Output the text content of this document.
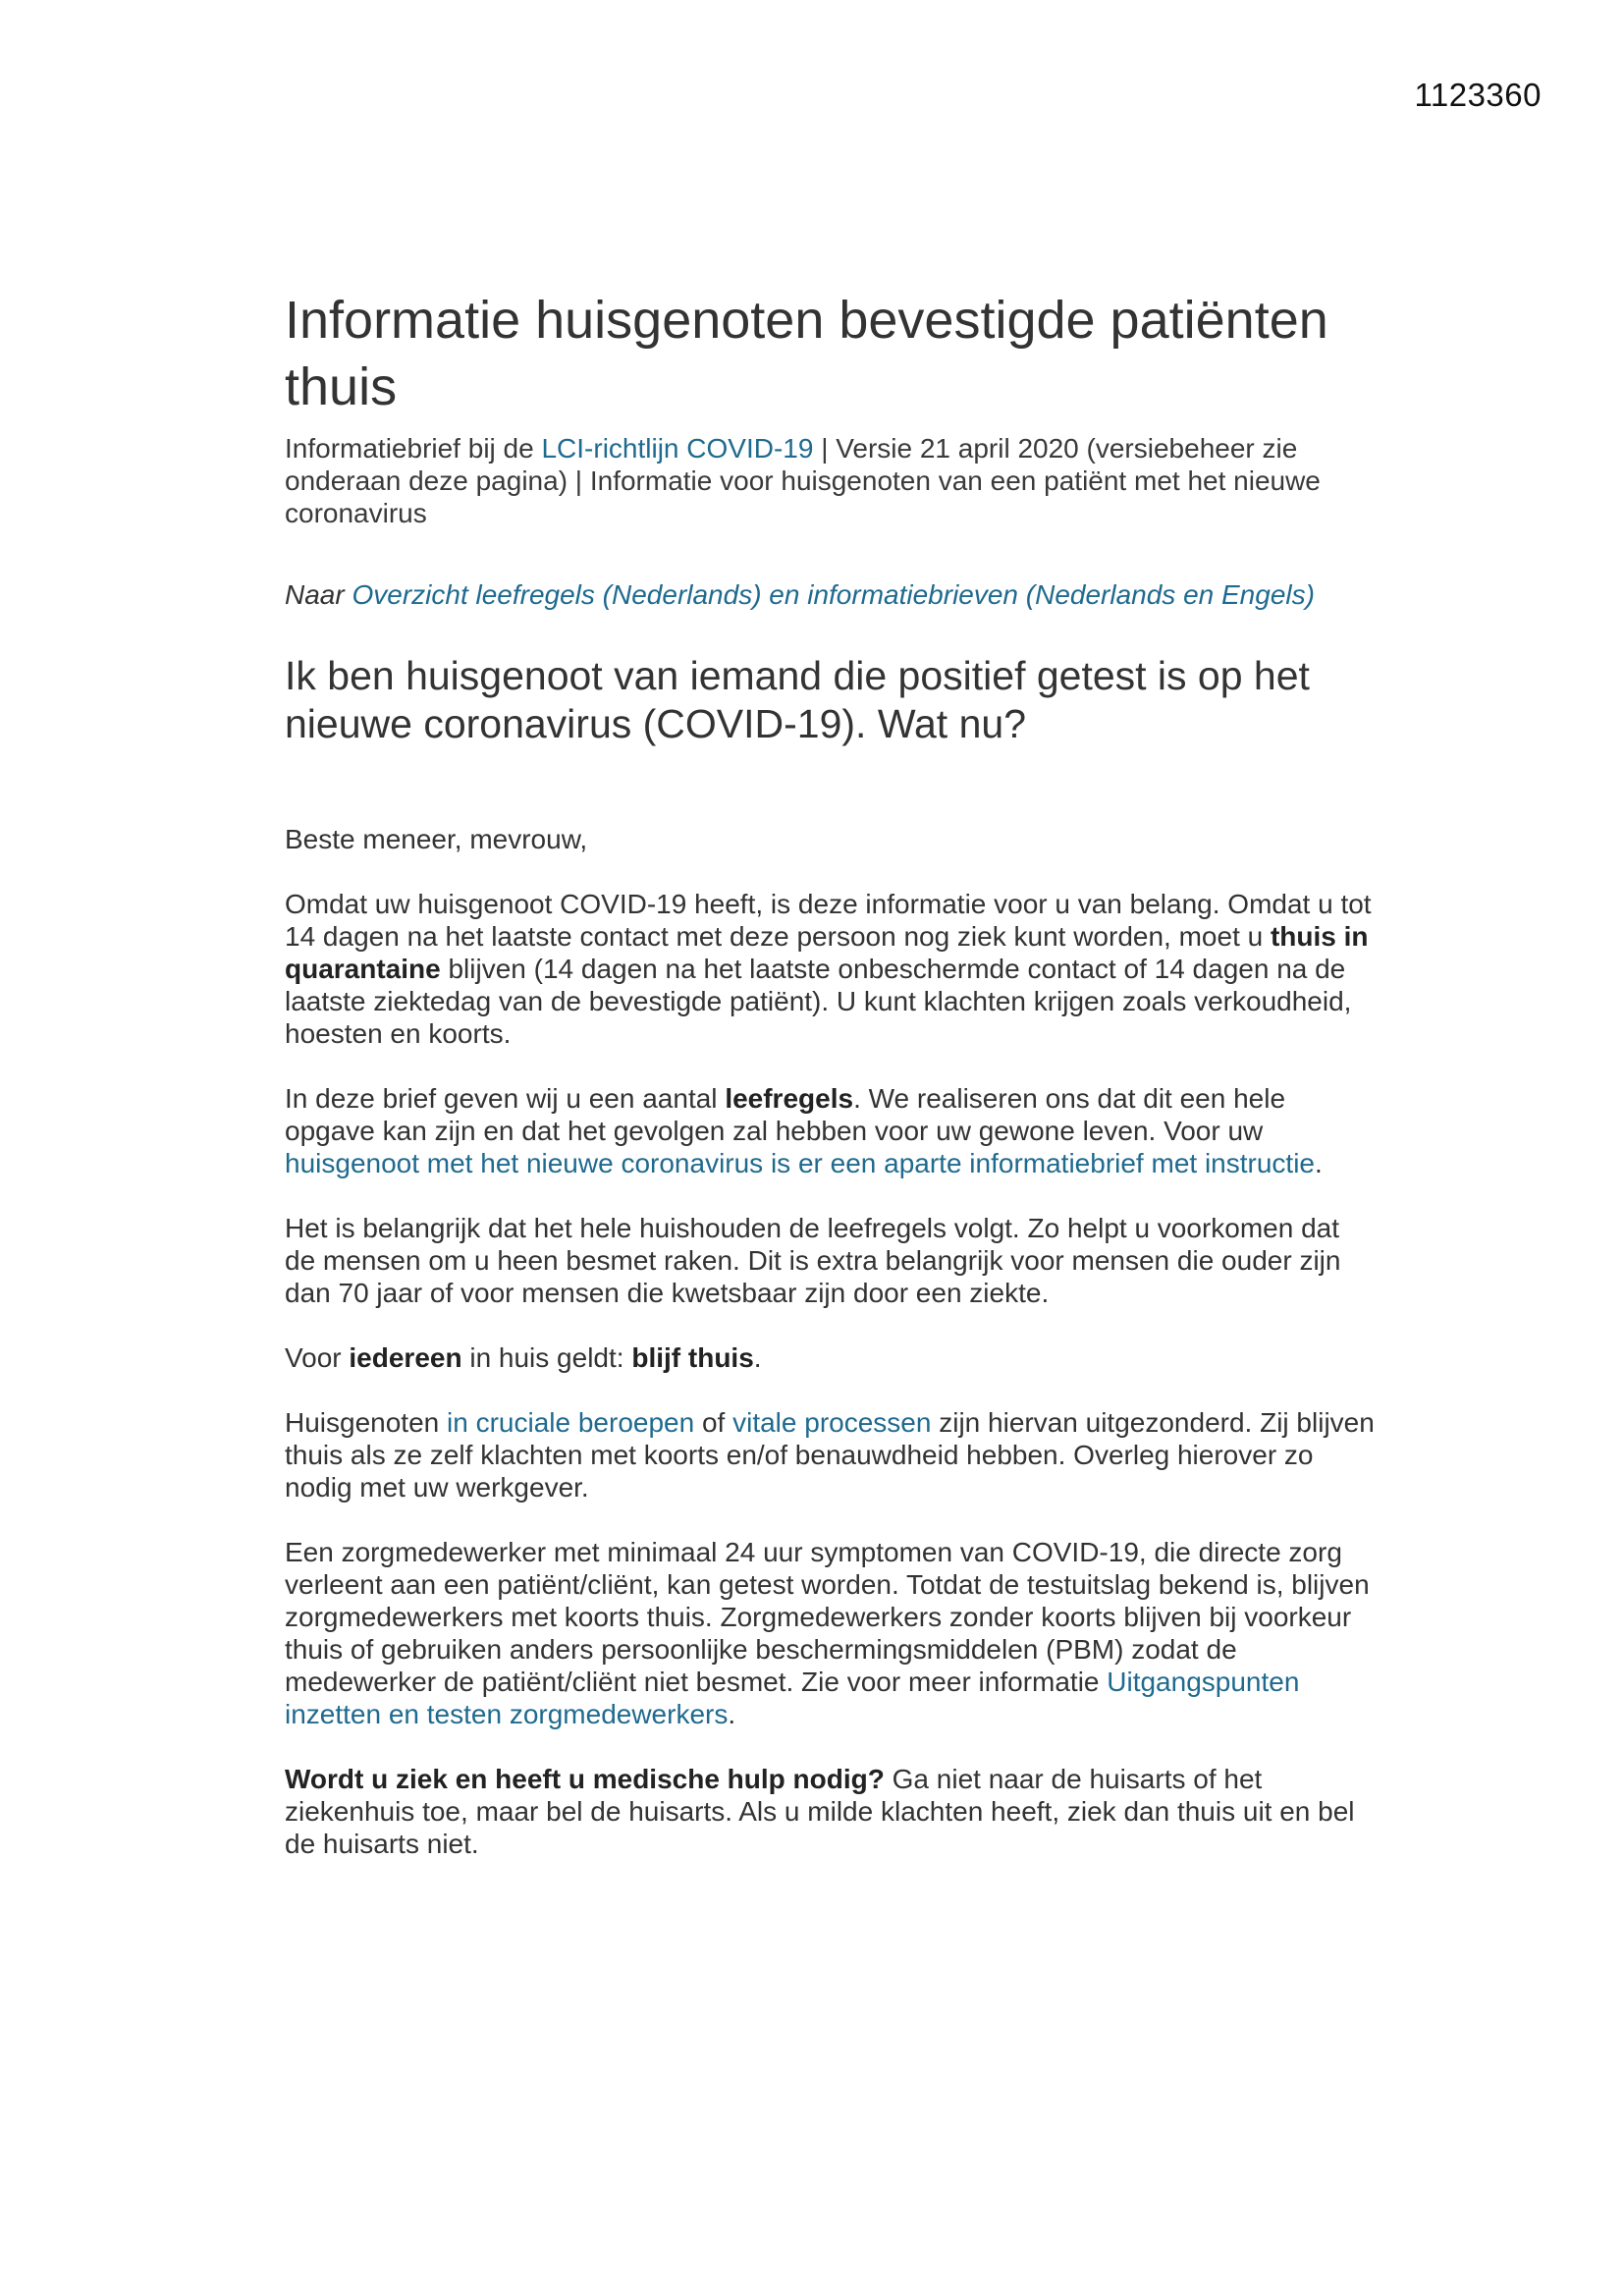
1123360
Informatie huisgenoten bevestigde patiënten thuis

Informatiebrief bij de LCI-richtlijn COVID-19 | Versie 21 april 2020 (versiebeheer zie onderaan deze pagina) | Informatie voor huisgenoten van een patiënt met het nieuwe coronavirus

Naar Overzicht leefregels (Nederlands) en informatiebrieven (Nederlands en Engels)

Ik ben huisgenoot van iemand die positief getest is op het nieuwe coronavirus (COVID-19). Wat nu?

Beste meneer, mevrouw,

Omdat uw huisgenoot COVID-19 heeft, is deze informatie voor u van belang. Omdat u tot 14 dagen na het laatste contact met deze persoon nog ziek kunt worden, moet u thuis in quarantaine blijven (14 dagen na het laatste onbeschermde contact of 14 dagen na de laatste ziektedag van de bevestigde patiënt). U kunt klachten krijgen zoals verkoudheid, hoesten en koorts.

In deze brief geven wij u een aantal leefregels. We realiseren ons dat dit een hele opgave kan zijn en dat het gevolgen zal hebben voor uw gewone leven. Voor uw huisgenoot met het nieuwe coronavirus is er een aparte informatiebrief met instructie.

Het is belangrijk dat het hele huishouden de leefregels volgt. Zo helpt u voorkomen dat de mensen om u heen besmet raken. Dit is extra belangrijk voor mensen die ouder zijn dan 70 jaar of voor mensen die kwetsbaar zijn door een ziekte.

Voor iedereen in huis geldt: blijf thuis.

Huisgenoten in cruciale beroepen of vitale processen zijn hiervan uitgezonderd. Zij blijven thuis als ze zelf klachten met koorts en/of benauwdheid hebben. Overleg hierover zo nodig met uw werkgever.

Een zorgmedewerker met minimaal 24 uur symptomen van COVID-19, die directe zorg verleent aan een patiënt/cliënt, kan getest worden. Totdat de testuitslag bekend is, blijven zorgmedewerkers met koorts thuis. Zorgmedewerkers zonder koorts blijven bij voorkeur thuis of gebruiken anders persoonlijke beschermingsmiddelen (PBM) zodat de medewerker de patiënt/cliënt niet besmet. Zie voor meer informatie Uitgangspunten inzetten en testen zorgmedewerkers.

Wordt u ziek en heeft u medische hulp nodig? Ga niet naar de huisarts of het ziekenhuis toe, maar bel de huisarts. Als u milde klachten heeft, ziek dan thuis uit en bel de huisarts niet.
